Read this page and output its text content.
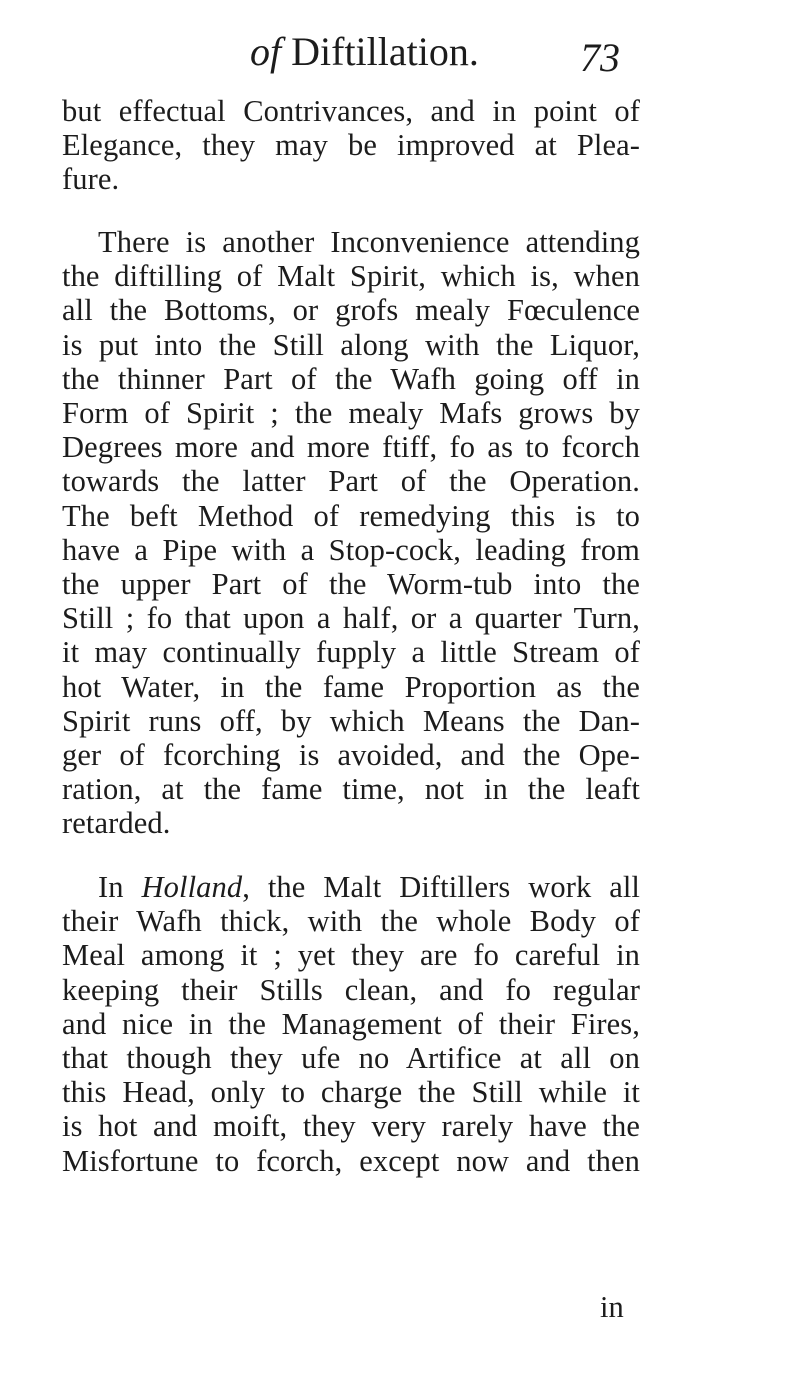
of Diftillation.	73
but effectual Contrivances, and in point of
Elegance, they may be improved at Plea-
fure.
There is another Inconvenience attending
the diftilling of Malt Spirit, which is, when
all the Bottoms, or grofs mealy Fœculence
is put into the Still along with the Liquor,
the thinner Part of the Wafh going off in
Form of Spirit ; the mealy Mafs grows by
Degrees more and more ftiff, fo as to fcorch
towards the latter Part of the Operation.
The beft Method of remedying this is to
have a Pipe with a Stop-cock, leading from
the upper Part of the Worm-tub into the
Still ; fo that upon a half, or a quarter Turn,
it may continually fupply a little Stream of
hot Water, in the fame Proportion as the
Spirit runs off, by which Means the Dan-
ger of fcorching is avoided, and the Ope-
ration, at the fame time, not in the leaft
retarded.
In Holland, the Malt Diftillers work all
their Wafh thick, with the whole Body of
Meal among it ; yet they are fo careful in
keeping their Stills clean, and fo regular
and nice in the Management of their Fires,
that though they ufe no Artifice at all on
this Head, only to charge the Still while it
is hot and moift, they very rarely have the
Misfortune to fcorch, except now and then
in
